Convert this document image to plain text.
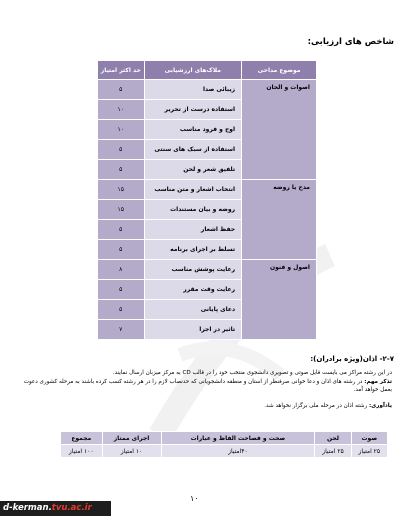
شاخص های ارزیابی:
موضوع مداحی	ملاک‌های ارزشیابی	حد اکثر امتیاز
اصوات و الحان	زیبائی صدا	۵
	استفاده درست از تحریر	۱۰
	اوج و فرود مناسب	۱۰
	استفاده از سبک های سنتی	۵
	تلفیق شعر و لحن	۵
مدح یا روضه	انتخاب اشعار و متن مناسب	۱۵
	روضه و بیان مستندات	۱۵
	حفظ اشعار	۵
	تسلط بر اجرای برنامه	۵
اصول و فنون	رعایت پوشش مناسب	۸
	رعایت وقت مقرر	۵
	دعای پایانی	۵
	تاثیر در اجرا	۷
۲-۷- اذان(ویژه برادران):
در این رشته مراکز می بایست فایل صوتی و تصویری دانشجوی منتخب خود را در قالب CD به مرکز میزبان ارسال نمایند.
تذکر مهم: در رشته های اذان و دعا خوانی صرفنظر از استان و منطقه دانشجویانی که حدنصاب لازم را در هر رشته کسب کرده باشند به مرحله کشوری دعوت بعمل خواهد آمد.
یادآوری: رشته اذان در مرحله ملی برگزار نخواهد شد.
صوت	لحن	صحت و فصاحت الفاظ و عبارات	اجرای ممتاز	مجموع
۲۵ امتیاز	۲۵ امتیاز	۴۰امتیاز	۱۰ امتیاز	۱۰۰ امتیاز
۱۰
d-kerman.tvu.ac.ir
